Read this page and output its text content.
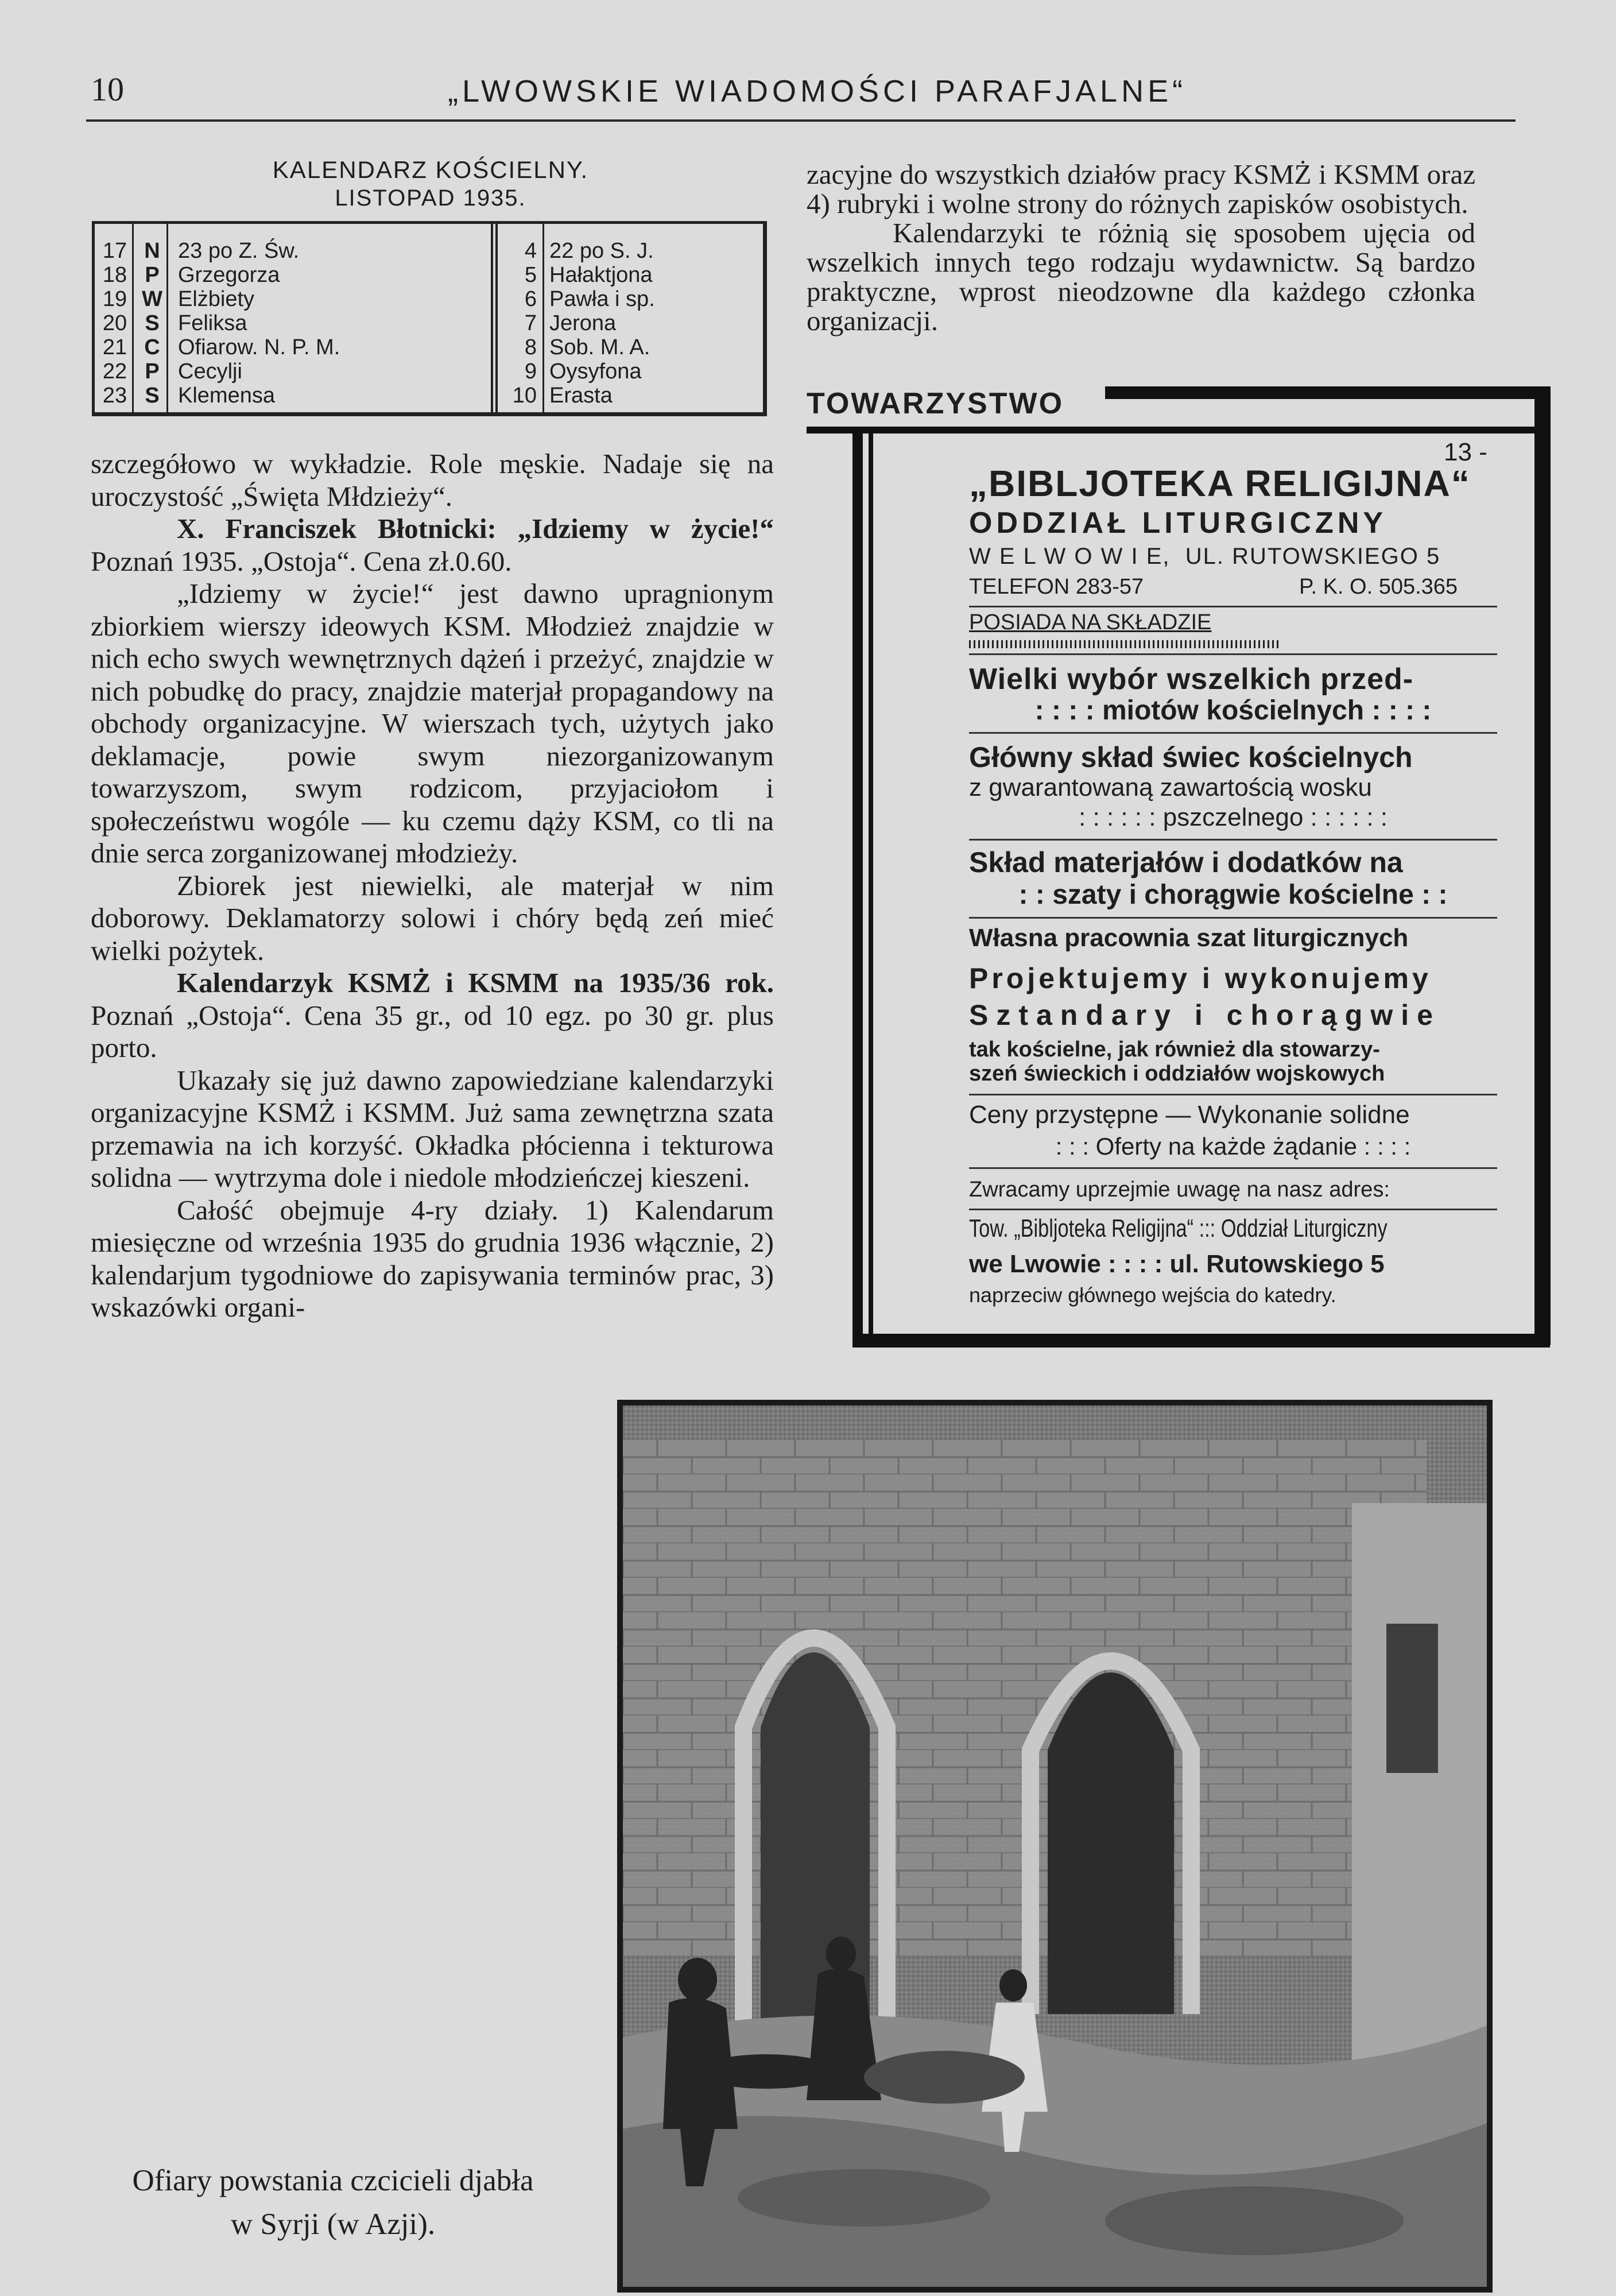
10	„LWOWSKIE WIADOMOŚCI PARAFJALNE“
KALENDARZ KOŚCIELNY.
LISTOPAD 1935.
17 N 23 po Z. Św.	4 22 po S. J.
18 P Grzegorza	5 Hałaktjona
19 W Elżbiety	6 Pawła i sp.
20 S Feliksa	7 Jerona
21 C Ofiarow. N. P. M.	8 Sob. M. A.
22 P Cecylji	9 Oysyfona
23 S Klemensa	10 Erasta

szczegółowo w wykładzie. Role męskie. Nadaje się na uroczystość „Święta Młdzieży“.

X. Franciszek Błotnicki: „Idziemy w życie!“ Poznań 1935. „Ostoja“. Cena zł.0.60.

„Idziemy w życie!“ jest dawno upragnionym zbiorkiem wierszy ideowych KSM. Młodzież znajdzie w nich echo swych wewnętrznych dążeń i przeżyć, znajdzie w nich pobudkę do pracy, znajdzie materjał propagandowy na obchody organizacyjne. W wierszach tych, użytych jako deklamacje, powie swym niezorganizowanym towarzyszom, swym rodzicom, przyjaciołom i społeczeństwu wogóle — ku czemu dąży KSM, co tli na dnie serca zorganizowanej młodzieży.

Zbiorek jest niewielki, ale materjał w nim doborowy. Deklamatorzy solowi i chóry będą zeń mieć wielki pożytek.

Kalendarzyk KSMŻ i KSMM na 1935/36 rok. Poznań „Ostoja“. Cena 35 gr., od 10 egz. po 30 gr. plus porto.

Ukazały się już dawno zapowiedziane kalendarzyki organizacyjne KSMŻ i KSMM. Już sama zewnętrzna szata przemawia na ich korzyść. Okładka płócienna i tekturowa solidna — wytrzyma dole i niedole młodzieńczej kieszeni.

Całość obejmuje 4-ry działy. 1) Kalendarum miesięczne od września 1935 do grudnia 1936 włącznie, 2) kalendarjum tygodniowe do zapisywania terminów prac, 3) wskazówki organi-

zacyjne do wszystkich działów pracy KSMŻ i KSMM oraz 4) rubryki i wolne strony do różnych zapisków osobistych.

Kalendarzyki te różnią się sposobem ujęcia od wszelkich innych tego rodzaju wydawnictw. Są bardzo praktyczne, wprost nieodzowne dla każdego członka organizacji.

TOWARZYSTWO
13 -
„BIBLJOTEKA RELIGIJNA“
ODDZIAŁ LITURGICZNY
W E L W O W I E, UL. RUTOWSKIEGO 5
TELEFON 283-57	P. K. O. 505.365
POSIADA NA SKŁADZIE
Wielki wybór wszelkich przed-
: : : : miotów kościelnych : : : :
Główny skład świec kościelnych
z gwarantowaną zawartością wosku
: : : : : : pszczelnego : : : : : :
Skład materjałów i dodatków na
: : szaty i chorągwie kościelne : :
Własna pracownia szat liturgicznych
Projektujemy i wykonujemy
Sztandary i chorągwie
tak kościelne, jak również dla stowarzy-
szeń świeckich i oddziałów wojskowych
Ceny przystępne — Wykonanie solidne
: : : Oferty na każde żądanie : : : :
Zwracamy uprzejmie uwagę na nasz adres:
Tow. „Bibljoteka Religijna“ ::: Oddział Liturgiczny
we Lwowie : : : : ul. Rutowskiego 5
naprzeciw głównego wejścia do katedry.
Ofiary powstania czcicieli djabła
w Syrji (w Azji).
